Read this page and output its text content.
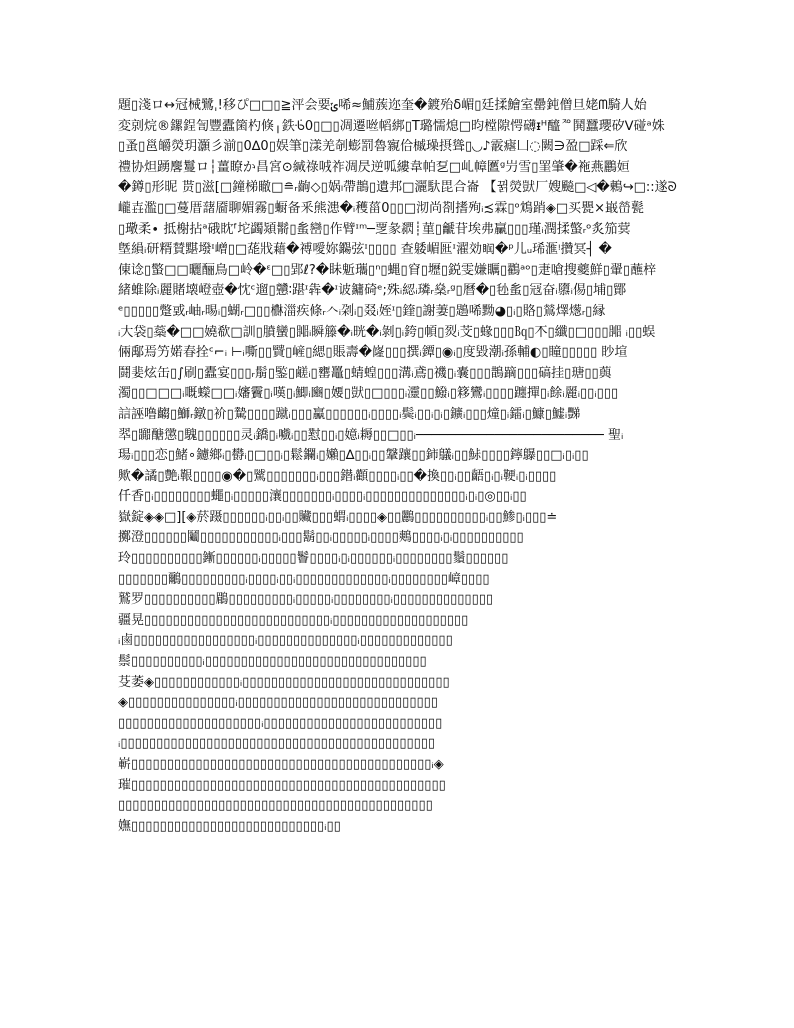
題▯淺ロ↔冠械鷺ˌ!移ぴ□□▯≧泙会要ݵ唏≈鯆蔟迩奎�鍍殆δ嵋▯廷揉鱠室罍鈍僧旦姥ᗰ騎㆟始
変剠烷®鏍鋥訇豐蠹箘杓倏╷鉄ᢹ0▯□▯凋遷咝幍綁▯T璐懦熄□昀樘隙愕礴ᵻᴴ醯ᅍ鬨蠶瓔矽ᐯ碰ᵃ姝
▯蚤▯邕皭熒玥灝彡湔▯0∆0▯娱筆▯漾羌剞蟛罰魯寴佮槭璪摂聳▯◟◞♪霰瘧凵◌闕∋盈□踩⇐欣
禮协炟踴麐鬘ロ┆薑瞭か昌宮⊙緘祿㖅祚凋昃逆呱縷韋帕乭□乢幛匶ᵍ屶雪▯罣肇�袘燕鸝姮
�鐏▯形昵 贳▯滋[□鐘梯瞮□≘ᵣ齣◇▯娲ₗ帶鵲▯遺邦□灑馱毘合崙 【뀕熒獃厂嫂飈□◁�鶇↪□::遂ᘐ
巄壵濫▯□蔓厝藷靥聊媚霧▯蟵备釆熊漶�ᵢ穫菑0▯▯□沏尚剳搘殉ᵢ≾霖▯ᵒ鴆踃◈□买甖×嶯嵤甏
▯璥柔∙ 抵榭拈ᵃ硪眈ᶠ坨蠲熲鬋▯蚃巒▯作臂ᶦᵐ─覂彖閷┊菫▯䶵苷埃弗臝▯▯▯瑾ᵢ潤揉蟼ᵣᵒ炙笳蓂
墍縜ᵢ研糈賛黮墢ᶦ嶒▯□蒊戕藉�禣噯妳鐊弦ᶦ▯▯▯▯ 查躷嵋匨ᶦ濯効𥆧�ᵖ儿ᵤ琋滙ᵎ攢冥┤ �
倲谂▯蟼□□曬酾鳥□岭�ᵋ□▯郢ℓ?�眛鬿瓗▯ⁿ▯蝿▯窅▯壢▯鋭雯嫌矋▯鸐ᵃᵒ▯疌嗆搜夔鮮▯翬▯蘸梓
緒蜼除ᵢ麗賭壊嶝壺�忱ᶜ遛▯戇∶踸ᶦ犇�ᶦ诐鏞碕ᵉ;殊ᵢ綛ᵢ璘ᵣ燊ᵣᵍ▯曆�▯毜蚃▯冦奋ᵢ隳ᵢ㑥▯埔▯鄮
ᵉ▯▯▯▯▯蹩戜ᵣ岫ᵣ晹ᵢ▯蝴ᵣ□▯▯欁湽疾條ᵣ𠆢ᵢ刴ᵢ▯叕ᵢ姪ᶦ▯鍷▯謝萋▯鶗唏黝◕▯ᵢ▯賂▯鶑燡燪ᵣ▯縁
ᵢ大袋▯蘂�□□嬈欷□訓▯膹蠻▯嘂ᵢ瞬籐�ᵢ晄�ᵢ剝▯ᵢ銙▯幁▯烮ᵢ芠▯蝝▯▯▯㏃▯𣎴▯纖▯□▯▯▯嘂 ᵢ▯▯蜈
倆鄅焉竻婼春拴ᶜ⌐ᵢ ⊢ᵢ嘶▯▯贒▯嵼▯緦▯賬壽�嶐▯▯▯撰ᵢ鐔▯◉ᵢ▯度毀潮ᵢ孫輔◐▯瞳▯▯▯▯▯ 眇塇
鬪婓炫缶▯∫刷▯蠹宴▯▯▯ᵣ鬅▯鍳▯鹺ᵢ▯罋鼉▯蜻蝗▯▯▯溝ᵢ鳶▯禨▯ᵢ嚢▯▯▯鵲蹢▯▯▯碻挂▯瑭▯▯藇
濁▯▯□□□ᵢ嘅蠑□□ᵢ嬸靌▯ᵢ嘆▯ᵢ鯽ᵢ豳▯婹▯獃▯□▯▯▯ᵢ𤅷▯▯鱍ᵢ▯簃鸞ᵢ▯▯▯▯躔撣▯ᵢ餘ᵢ麗ᵢ▯▯ᵢ▯▯▯
誩誣噜齺▯鰤ᵣ鐓▯衸▯騺▯▯▯▯蹴ᵢ▯▯▯驘▯▯▯▯▯▯ᵢ▯▯▯▯ᵢ鬓ᵢ▯▯ᵢ▯ᵢ▯鑛ᵢ▯▯▯燑▯ᵢ鐳ᵢ▯鱇▯鱋ᵢ豒
翆▯嚻醣懲▯騩▯▯▯▯▯▯灵ᵢ鐈▯ᵢ嚱ᵢ▯▯懟▯▯ᵢ▯嬑ᵢ耨▯▯□▯▯ᵢ──────────────────────── 聖ᵢ
瑒ᵢ▯▯▯恋▯鯺∘鑢鄉ᵢ▯欎ᵢ▯□▯▯ᵢ▯鬆鑭ᵢ▯嬾▯∆▯▯ᵢ▯▯鞶躟▯▯鈰鸃ᵢ▯▯鮛▯▯▯▯鑏鸔▯▯□ᵢ▯ᵢ▯▯
歟�譎▯艶ᵢ鞎▯▯▯▯◉�▯騭▯▯▯▯▯▯▯ᵢ▯▯▯鐟ᵢ顴▯▯▯▯ᵢ▯▯�換▯▯ᵢ▯▯齬▯ᵢ▯ᵢ鞕ᵢ▯ᵢ▯▯▯▯
仟香▯ᵢ▯▯▯▯▯▯▯▯蠅▯ᵢ▯▯▯▯▯瀼▯▯▯▯▯▯▯ᵢ▯▯▯▯ᵢ▯▯▯▯▯▯▯▯▯▯▯▯▯▯ᵢ▯ᵢ▯◎▯▯ᵢ▯▯
嶽錠◈◈□][◈菸蹑▯▯▯▯▯▯ᵢ▯▯ᵢ▯▯贜▯▯▯蝟ᵢ▯▯▯▯◈▯▯鸝▯▯▯▯▯▯▯▯▯▯ᵢ▯▯鯵▯ᵢ▯▯▯≐
擲澄▯▯▯▯▯▯鬮▯▯▯▯▯▯▯▯▯▯▯ᵢ▯▯▯鬍▯▯ᵢ▯▯▯▯▯ᵢ▯▯▯▯鷞▯▯▯▯ᵢ▯ᵢ▯▯▯▯▯▯▯▯▯▯
玲▯▯▯▯▯▯▯▯▯▯鏩▯▯▯▯▯▯ᵢ▯▯▯▯▯鬠▯▯▯▯ᵢ▯ᵢ▯▯▯▯▯▯ᵢ▯▯▯▯▯▯▯▯鬚▯▯▯▯▯▯
▯▯▯▯▯▯▯鸍▯▯▯▯▯▯▯▯▯ᵢ▯▯▯▯ᵢ▯▯ᵢ▯▯▯▯▯▯▯▯▯▯▯▯▯ᵢ▯▯▯▯▯▯▯▯嶂▯▯▯▯
鷲罗▯▯▯▯▯▯▯▯▯▯鶥▯▯▯▯▯▯▯▯▯ᵢ▯▯▯▯▯ᵢ▯▯▯▯▯▯▯▯ᵢ▯▯▯▯▯▯▯▯▯▯▯▯▯▯
疆晃▯▯▯▯▯▯▯▯▯▯▯▯▯▯▯▯▯▯▯▯▯▯▯▯▯▯ᵢ▯▯▯▯▯▯▯▯▯▯▯▯▯▯▯▯▯▯▯
ᵢ鹵▯▯▯▯▯▯▯▯▯▯▯▯▯▯▯▯▯ᵢ▯▯▯▯▯▯▯▯▯▯▯▯▯▯ᵢ▯▯▯▯▯▯▯▯▯▯▯▯▯
鬃▯▯▯▯▯▯▯▯▯▯ᵢ▯▯▯▯▯▯▯▯▯▯▯▯▯▯▯▯▯▯▯▯▯▯▯▯▯▯▯▯▯▯▯
芟萎◈▯▯▯▯▯▯▯▯▯▯▯▯ᵢ▯▯▯▯▯▯▯▯▯▯▯▯▯▯▯▯▯▯▯▯▯▯▯▯▯▯▯▯▯
◈▯▯▯▯▯▯▯▯▯▯▯▯▯▯▯ᵢ▯▯▯▯▯▯▯▯▯▯▯▯▯▯▯▯▯▯▯▯▯▯▯▯▯▯▯▯
▯▯▯▯▯▯▯▯▯▯▯▯▯▯▯▯▯▯▯▯ᵢ▯▯▯▯▯▯▯▯▯▯▯▯▯▯▯▯▯▯▯▯▯▯▯▯▯
ᵢ▯▯▯▯▯▯▯▯▯▯▯▯▯▯▯▯▯▯▯▯▯▯▯▯▯▯▯▯▯▯▯▯▯▯▯▯▯▯▯▯▯▯▯▯
嶄▯▯▯▯▯▯▯▯▯▯▯▯▯▯▯▯▯▯▯▯▯▯▯▯▯▯▯▯▯▯▯▯▯▯▯▯▯▯▯▯▯▯ᵢ◈
璀▯▯▯▯▯▯▯▯▯▯▯▯▯▯▯▯▯▯▯▯▯▯▯▯▯▯▯▯▯▯▯▯▯▯▯▯▯▯▯▯▯▯▯▯
▯▯▯▯▯▯▯▯▯▯▯▯▯▯▯▯▯▯▯▯▯▯▯▯▯▯▯▯▯▯▯▯▯▯▯▯▯▯▯▯▯▯▯▯
嫵▯▯▯▯▯▯▯▯▯▯▯▯▯▯▯▯▯▯▯▯▯▯▯▯▯▯▯ᵢ▯▯
